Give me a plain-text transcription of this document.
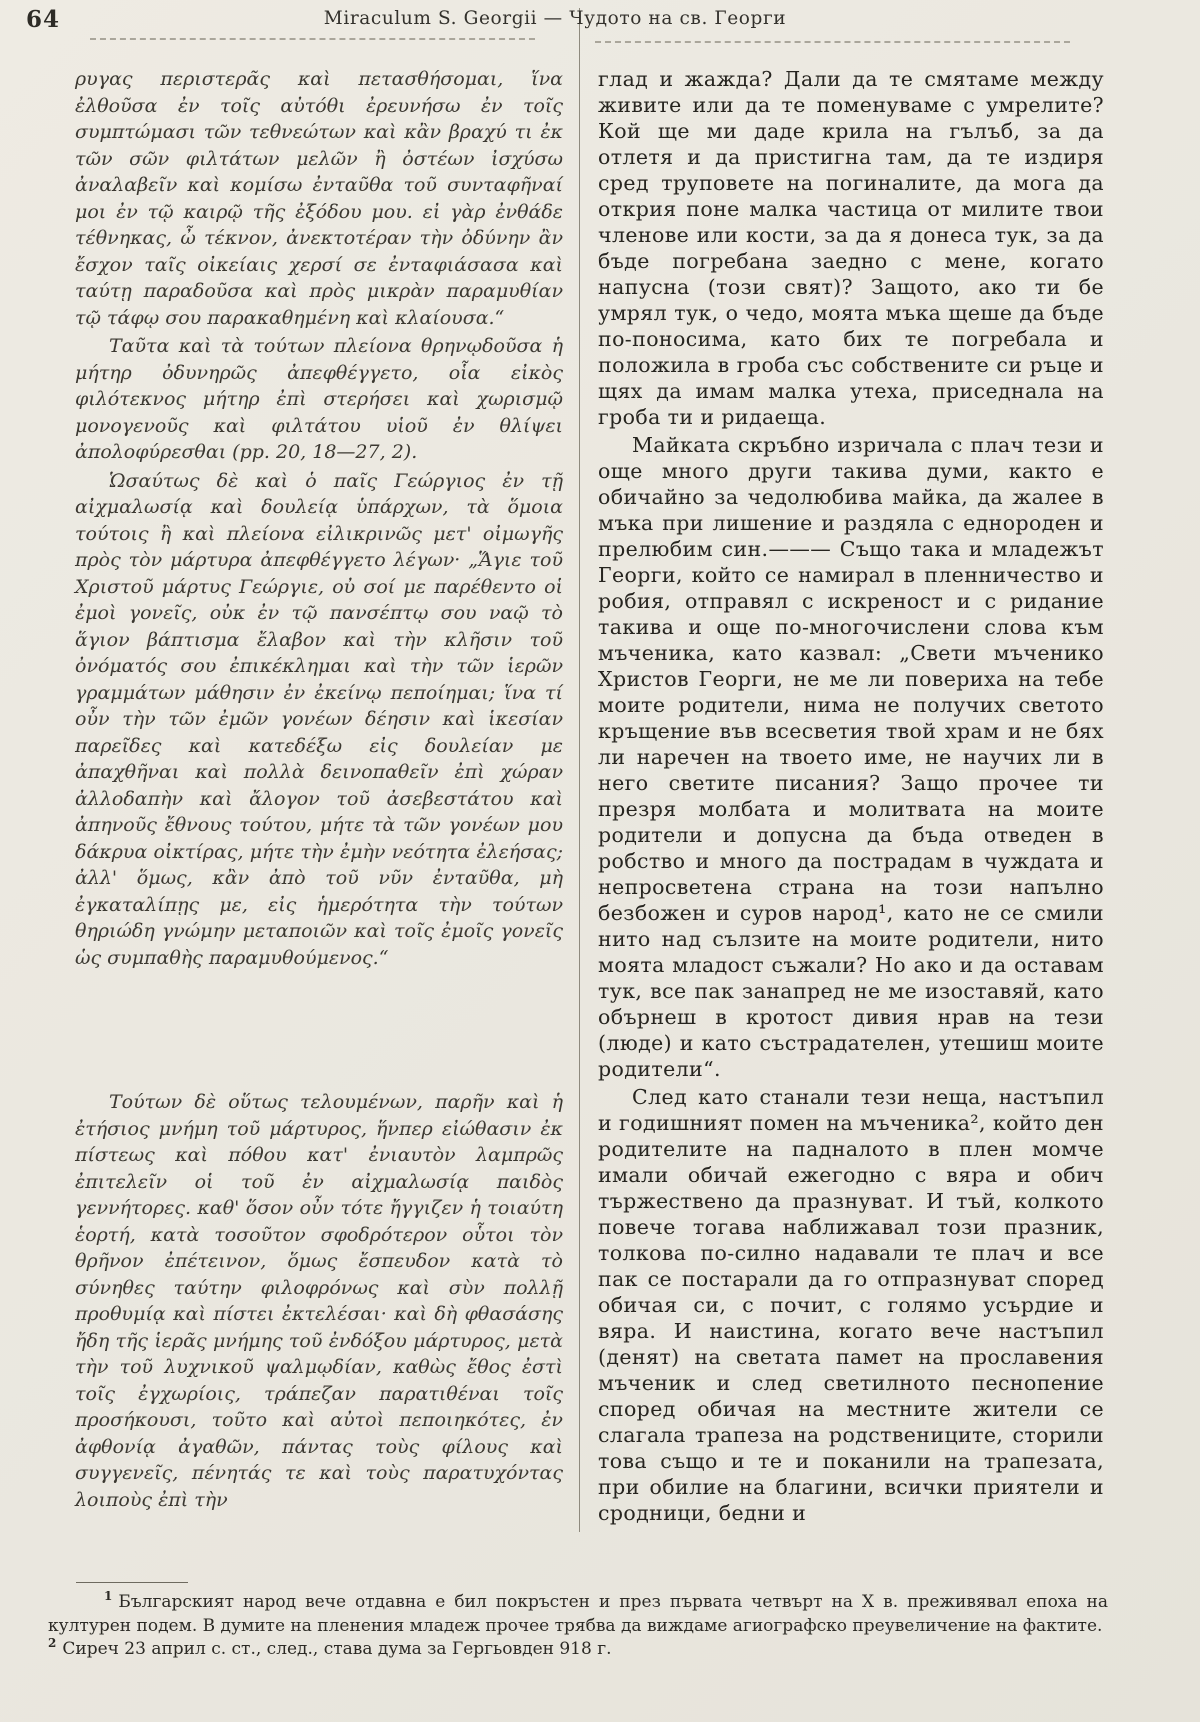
64	Miraculum S. Georgii — Чудото на св. Георги

ρυγας περιστερᾶς καὶ πετασθήσομαι, ἵνα ἐλθοῦσα ἐν τοῖς αὐτόθι ἐρευνήσω ἐν τοῖς συμπτώμασι τῶν τεθνεώτων καὶ κἂν βραχύ τι ἐκ τῶν σῶν φιλτάτων μελῶν ἢ ὀστέων ἰσχύσω ἀναλαβεῖν καὶ κομίσω ἐνταῦθα τοῦ συνταφῆναί μοι ἐν τῷ καιρῷ τῆς ἐξόδου μου. εἰ γὰρ ἐνθάδε τέθνηκας, ὦ τέκνον, ἀνεκτοτέραν τὴν ὀδύνην ἂν ἔσχον ταῖς οἰκείαις χερσί σε ἐνταφιάσασα καὶ ταύτῃ παραδοῦσα καὶ πρὸς μικρὰν παραμυθίαν τῷ τάφῳ σου παρακαθημένη καὶ κλαίουσα.“

Ταῦτα καὶ τὰ τούτων πλείονα θρηνῳδοῦσα ἡ μήτηρ ὀδυνηρῶς ἀπεφθέγγετο, οἷα εἰκὸς φιλότεκνος μήτηρ ἐπὶ στερήσει καὶ χωρισμῷ μονογενοῦς καὶ φιλτάτου υἱοῦ ἐν θλίψει ἀπολοφύρεσθαι (pp. 20, 18—27, 2).

Ὡσαύτως δὲ καὶ ὁ παῖς Γεώργιος ἐν τῇ αἰχμαλωσίᾳ καὶ δουλείᾳ ὑπάρχων, τὰ ὅμοια τούτοις ἢ καὶ πλείονα εἰλικρινῶς μετ' οἰμωγῆς πρὸς τὸν μάρτυρα ἀπεφθέγγετο λέγων· „Ἅγιε τοῦ Χριστοῦ μάρτυς Γεώργιε, οὐ σοί με παρέθεντο οἱ ἐμοὶ γονεῖς, οὐκ ἐν τῷ πανσέπτῳ σου ναῷ τὸ ἅγιον βάπτισμα ἔλαβον καὶ τὴν κλῆσιν τοῦ ὀνόματός σου ἐπικέκλημαι καὶ τὴν τῶν ἱερῶν γραμμάτων μάθησιν ἐν ἐκείνῳ πεποίημαι; ἵνα τί οὖν τὴν τῶν ἐμῶν γονέων δέησιν καὶ ἱκεσίαν παρεῖδες καὶ κατεδέξω εἰς δουλείαν με ἀπαχθῆναι καὶ πολλὰ δεινοπαθεῖν ἐπὶ χώραν ἀλλοδαπὴν καὶ ἄλογον τοῦ ἀσεβεστάτου καὶ ἀπηνοῦς ἔθνους τούτου, μήτε τὰ τῶν γονέων μου δάκρυα οἰκτίρας, μήτε τὴν ἐμὴν νεότητα ἐλεήσας; ἀλλ' ὅμως, κἂν ἀπὸ τοῦ νῦν ἐνταῦθα, μὴ ἐγκαταλίπῃς με, εἰς ἡμερότητα τὴν τούτων θηριώδη γνώμην μεταποιῶν καὶ τοῖς ἐμοῖς γονεῖς ὡς συμπαθὴς παραμυθούμενος.“

Τούτων δὲ οὕτως τελουμένων, παρῆν καὶ ἡ ἐτήσιος μνήμη τοῦ μάρτυρος, ἥνπερ εἰώθασιν ἐκ πίστεως καὶ πόθου κατ' ἐνιαυτὸν λαμπρῶς ἐπιτελεῖν οἱ τοῦ ἐν αἰχμαλωσίᾳ παιδὸς γεννήτορες. καθ' ὅσον οὖν τότε ἤγγιζεν ἡ τοιαύτη ἑορτή, κατὰ τοσοῦτον σφοδρότερον οὗτοι τὸν θρῆνον ἐπέτεινον, ὅμως ἔσπευδον κατὰ τὸ σύνηθες ταύτην φιλοφρόνως καὶ σὺν πολλῇ προθυμίᾳ καὶ πίστει ἐκτελέσαι· καὶ δὴ φθασάσης ἤδη τῆς ἱερᾶς μνήμης τοῦ ἐνδόξου μάρτυρος, μετὰ τὴν τοῦ λυχνικοῦ ψαλμῳδίαν, καθὼς ἔθος ἐστὶ τοῖς ἐγχωρίοις, τράπεζαν παρατιθέναι τοῖς προσήκουσι, τοῦτο καὶ αὐτοὶ πεποιηκότες, ἐν ἀφθονίᾳ ἀγαθῶν, πάντας τοὺς φίλους καὶ συγγενεῖς, πένητάς τε καὶ τοὺς παρατυχόντας λοιποὺς ἐπὶ τὴν

глад и жажда? Дали да те смятаме между живите или да те поменуваме с умрелите? Кой ще ми даде крила на гълъб, за да отлетя и да пристигна там, да те издиря сред труповете на погиналите, да мога да открия поне малка частица от милите твои членове или кости, за да я донеса тук, за да бъде погребана заедно с мене, когато напусна (този свят)? Защото, ако ти бе умрял тук, о чедо, моята мъка щеше да бъде по-поносима, като бих те погребала и положила в гроба със собствените си ръце и щях да имам малка утеха, приседнала на гроба ти и ридаеща.

Майката скръбно изричала с плач тези и още много други такива думи, както е обичайно за чедолюбива майка, да жалее в мъка при лишение и раздяла с еднороден и прелюбим син.——— Също така и младежът Георги, който се намирал в пленничество и робия, отправял с искреност и с ридание такива и още по-многочислени слова към мъченика, като казвал: „Свети мъченико Христов Георги, не ме ли повериха на тебе моите родители, нима не получих светото кръщение във всесветия твой храм и не бях ли наречен на твоето име, не научих ли в него светите писания? Защо прочее ти презря молбата и молитвата на моите родители и допусна да бъда отведен в робство и много да пострадам в чуждата и непросветена страна на този напълно безбожен и суров народ¹, като не се смили нито над сълзите на моите родители, нито моята младост съжали? Но ако и да оставам тук, все пак занапред не ме изоставяй, като обърнеш в кротост дивия нрав на тези (люде) и като състрадателен, утешиш моите родители“.

След като станали тези неща, настъпил и годишният помен на мъченика², който ден родителите на падналото в плен момче имали обичай ежегодно с вяра и обич тържествено да празнуват. И тъй, колкото повече тогава наближавал този празник, толкова по-силно надавали те плач и все пак се постарали да го отпразнуват според обичая си, с почит, с голямо усърдие и вяра. И наистина, когато вече настъпил (денят) на светата памет на прославения мъченик и след светилното песнопение според обичая на местните жители се слагала трапеза на родствениците, сторили това също и те и поканили на трапезата, при обилие на благини, всички приятели и сродници, бедни и

$^1$ Българският народ вече отдавна е бил покръстен и през първата четвърт на X в. преживявал епоха на културен подем. В думите на пленения младеж прочее трябва да виждаме агиографско преувеличение на фактите.

$^2$ Сиреч 23 април с. ст., след., става дума за Гергьовден 918 г.
